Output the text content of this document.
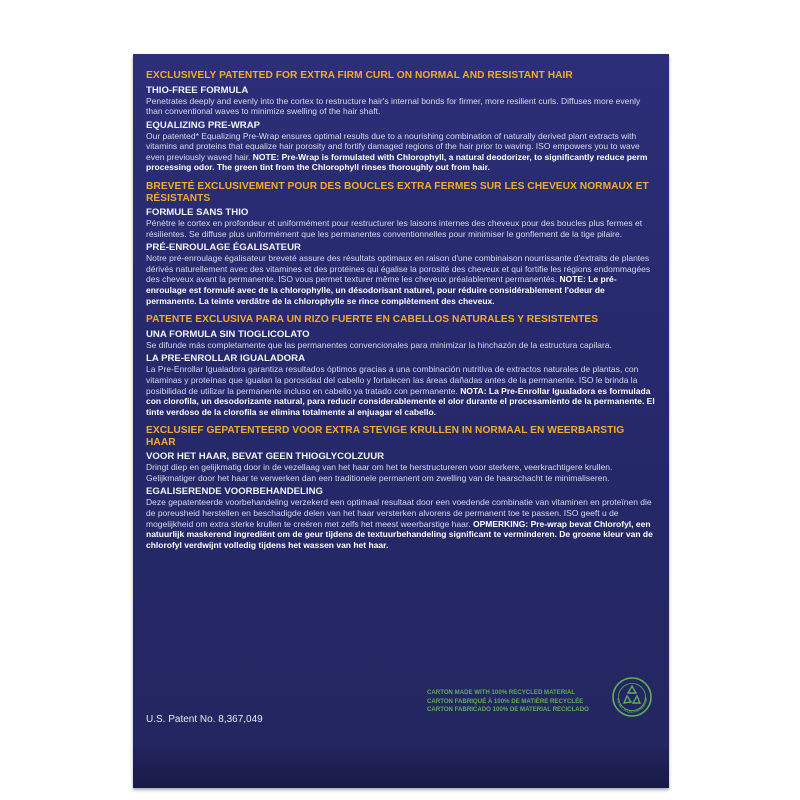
EXCLUSIVELY PATENTED FOR EXTRA FIRM CURL ON NORMAL AND RESISTANT HAIR
THIO-FREE FORMULA
Penetrates deeply and evenly into the cortex to restructure hair's internal bonds for firmer, more resilient curls. Diffuses more evenly than conventional waves to minimize swelling of the hair shaft.
EQUALIZING PRE-WRAP
Our patented* Equalizing Pre-Wrap ensures optimal results due to a nourishing combination of naturally derived plant extracts with vitamins and proteins that equalize hair porosity and fortify damaged regions of the hair prior to waving. ISO empowers you to wave even previously waved hair. NOTE: Pre-Wrap is formulated with Chlorophyll, a natural deodorizer, to significantly reduce perm processing odor. The green tint from the Chlorophyll rinses thoroughly out from hair.
BREVETÉ EXCLUSIVEMENT POUR DES BOUCLES EXTRA FERMES SUR LES CHEVEUX NORMAUX ET RÉSISTANTS
FORMULE SANS THIO
Pénètre le cortex en profondeur et uniformément pour restructurer les laisons internes des cheveux pour des boucles plus fermes et résilientes. Se diffuse plus uniformément que les permanentes conventionnelles pour minimiser le gonflement de la tige pilaire.
PRÉ-ENROULAGE ÉGALISATEUR
Notre pré-enroulage égalisateur breveté assure des résultats optimaux en raison d'une combinaison nourrissante d'extraits de plantes dérivés naturellement avec des vitamines et des protéines qui égalise la porosité des cheveux et qui fortifie les régions endommagées des cheveux avant la permanente. ISO vous permet texturer même les cheveux préalablement permanentés. NOTE: Le pré-enroulage est formulé avec de la chlorophylle, un désodorisant naturel, pour réduire considérablement l'odeur de permanente. La teinte verdâtre de la chlorophylle se rince complètement des cheveux.
PATENTE EXCLUSIVA PARA UN RIZO FUERTE EN CABELLOS NATURALES Y RESISTENTES
UNA FORMULA SIN TIOGLICOLATO
Se difunde más completamente que las permanentes convencionales para minimizar la hinchazón de la estructura capilara.
LA PRE-ENROLLAR IGUALADORA
La Pre-Enrollar Igualadora garantiza resultados óptimos gracias a una combinación nutritiva de extractos naturales de plantas, con vitaminas y proteínas que igualan la porosidad del cabello y fortalecen las áreas dañadas antes de la permanente. ISO le brinda la posibilidad de utilizar la permanente incluso en cabello ya tratado con permanente. NOTA: La Pre-Enrollar Igualadora es formulada con clorofila, un desodorizante natural, para reducir considerablemente el olor durante el procesamiento de la permanente. El tinte verdoso de la clorofila se elimina totalmente al enjuagar el cabello.
EXCLUSIEF GEPATENTEERD VOOR EXTRA STEVIGE KRULLEN IN NORMAAL EN WEERBARSTIG HAAR
VOOR HET HAAR, BEVAT GEEN THIOGLYCOLZUUR
Dringt diep en gelijkmatig door in de vezellaag van het haar om het te herstructureren voor sterkere, veerkrachtigere krullen. Gelijkmatiger door het haar te verwerken dan een traditionele permanent om zwelling van de haarschacht te minimaliseren.
EGALISERENDE VOORBEHANDELING
Deze gepatenteerde voorbehandeling verzekerd een optimaal resultaat door een voedende combinatie van vitaminen en proteïnen die de poreusheid herstellen en beschadigde delen van het haar versterken alvorens de permanent toe te passen. ISO geeft u de mogelijkheid om extra sterke krullen te creëren met zelfs het meest weerbarstige haar. OPMERKING: Pre-wrap bevat Chlorofyl, een natuurlijk maskerend ingrediënt om de geur tijdens de textuurbehandeling significant te verminderen. De groene kleur van de chlorofyl verdwijnt volledig tijdens het wassen van het haar.
U.S. Patent No. 8,367,049
CARTON MADE WITH 100% RECYCLED MATERIAL
CARTON FABRIQUÉ À 100% DE MATIÈRE RECYCLÉE
CARTON FABRICADO 100% DE MATERIAL RECICLADO
0% RECYCLED PAPERBOAR
